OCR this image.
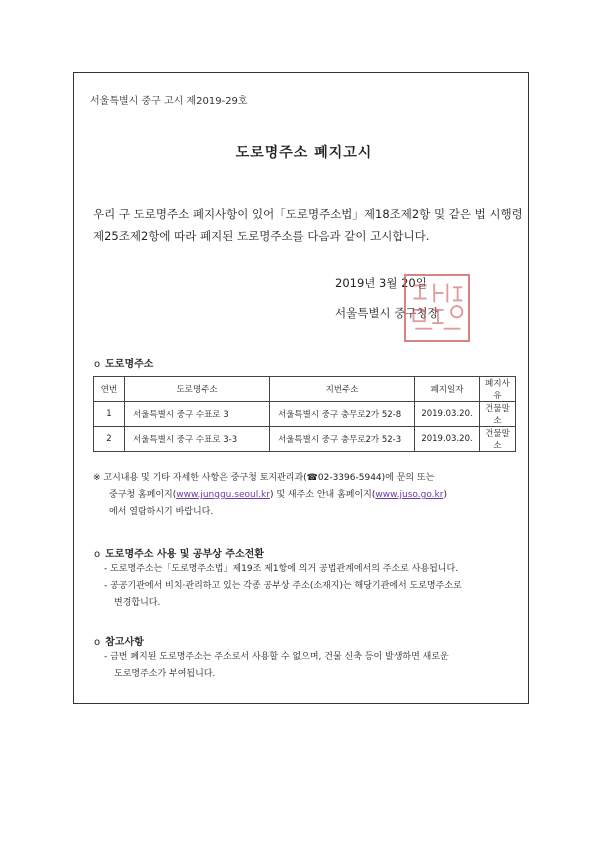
서울특별시 중구 고시 제2019-29호
도로명주소 폐지고시
우리 구 도로명주소 폐지사항이 있어「도로명주소법」제18조제2항 및 같은 법 시행령
제25조제2항에 따라 폐지된 도로명주소를 다음과 같이 고시합니다.
2019년 3월 20일
서울특별시 중구청장
o 도로명주소
연번	도로명주소	지번주소	폐지일자	폐지사유
1	서울특별시 중구 수표로 3	서울특별시 중구 충무로2가 52-8	2019.03.20.	건물말소
2	서울특별시 중구 수표로 3-3	서울특별시 중구 충무로2가 52-3	2019.03.20.	건물말소
※ 고시내용 및 기타 자세한 사항은 중구청 토지관리과(☎02-3396-5944)에 문의 또는
중구청 홈페이지(www.junggu.seoul.kr) 및 새주소 안내 홈페이지(www.juso.go.kr)
에서 열람하시기 바랍니다.
o 도로명주소 사용 및 공부상 주소전환
- 도로명주소는「도로명주소법」제19조 제1항에 의거 공법관계에서의 주소로 사용됩니다.
- 공공기관에서 비치·관리하고 있는 각종 공부상 주소(소재지)는 해당기관에서 도로명주소로
변경합니다.
o 참고사항
- 금번 폐지된 도로명주소는 주소로서 사용할 수 없으며, 건물 신축 등이 발생하면 새로운
도로명주소가 부여됩니다.
